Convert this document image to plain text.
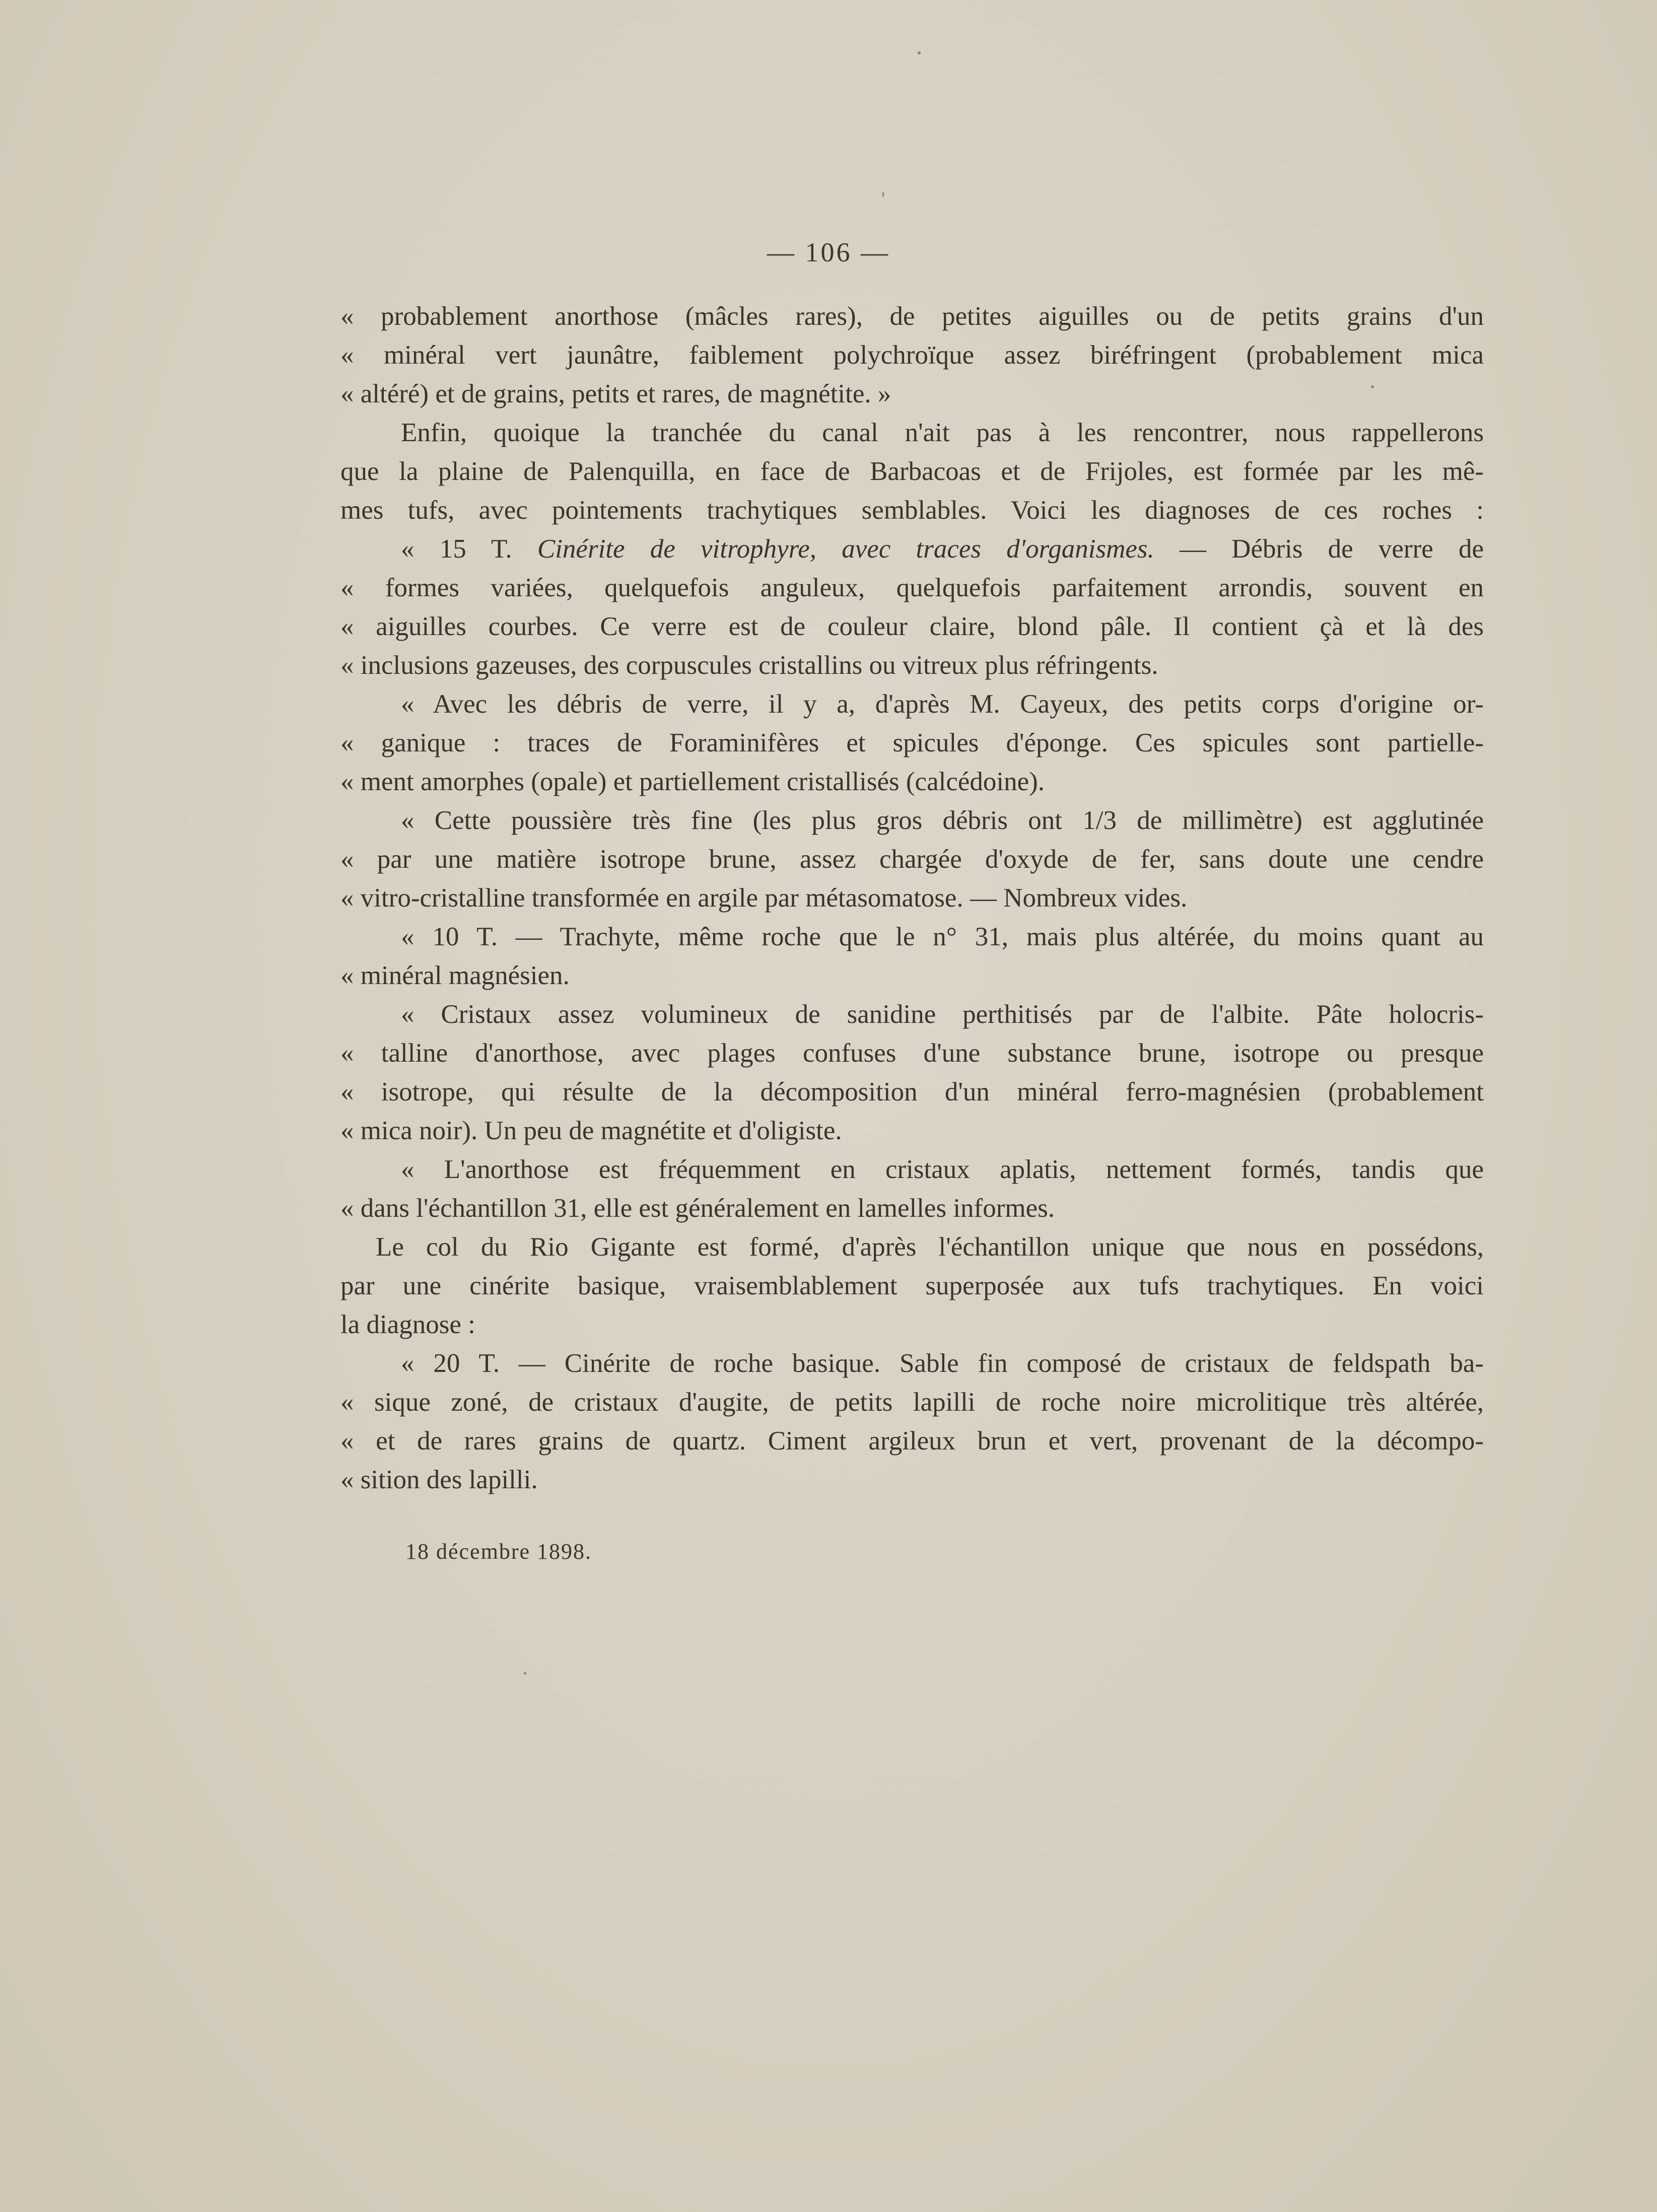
— 106 —
« probablement anorthose (mâcles rares), de petites aiguilles ou de petits grains d'un
« minéral vert jaunâtre, faiblement polychroïque assez biréfringent (probablement mica
« altéré) et de grains, petits et rares, de magnétite. »
Enfin, quoique la tranchée du canal n'ait pas à les rencontrer, nous rappellerons
que la plaine de Palenquilla, en face de Barbacoas et de Frijoles, est formée par les mê-
mes tufs, avec pointements trachytiques semblables. Voici les diagnoses de ces roches :
« 15 T. Cinérite de vitrophyre, avec traces d'organismes. — Débris de verre de
« formes variées, quelquefois anguleux, quelquefois parfaitement arrondis, souvent en
« aiguilles courbes. Ce verre est de couleur claire, blond pâle. Il contient çà et là des
« inclusions gazeuses, des corpuscules cristallins ou vitreux plus réfringents.
« Avec les débris de verre, il y a, d'après M. Cayeux, des petits corps d'origine or-
« ganique : traces de Foraminifères et spicules d'éponge. Ces spicules sont partielle-
« ment amorphes (opale) et partiellement cristallisés (calcédoine).
« Cette poussière très fine (les plus gros débris ont 1/3 de millimètre) est agglutinée
« par une matière isotrope brune, assez chargée d'oxyde de fer, sans doute une cendre
« vitro-cristalline transformée en argile par métasomatose. — Nombreux vides.
« 10 T. — Trachyte, même roche que le n° 31, mais plus altérée, du moins quant au
« minéral magnésien.
« Cristaux assez volumineux de sanidine perthitisés par de l'albite. Pâte holocris-
« talline d'anorthose, avec plages confuses d'une substance brune, isotrope ou presque
« isotrope, qui résulte de la décomposition d'un minéral ferro-magnésien (probablement
« mica noir). Un peu de magnétite et d'oligiste.
« L'anorthose est fréquemment en cristaux aplatis, nettement formés, tandis que
« dans l'échantillon 31, elle est généralement en lamelles informes.
Le col du Rio Gigante est formé, d'après l'échantillon unique que nous en possédons,
par une cinérite basique, vraisemblablement superposée aux tufs trachytiques. En voici
la diagnose :
« 20 T. — Cinérite de roche basique. Sable fin composé de cristaux de feldspath ba-
« sique zoné, de cristaux d'augite, de petits lapilli de roche noire microlitique très altérée,
« et de rares grains de quartz. Ciment argileux brun et vert, provenant de la décompo-
« sition des lapilli.
18 décembre 1898.
